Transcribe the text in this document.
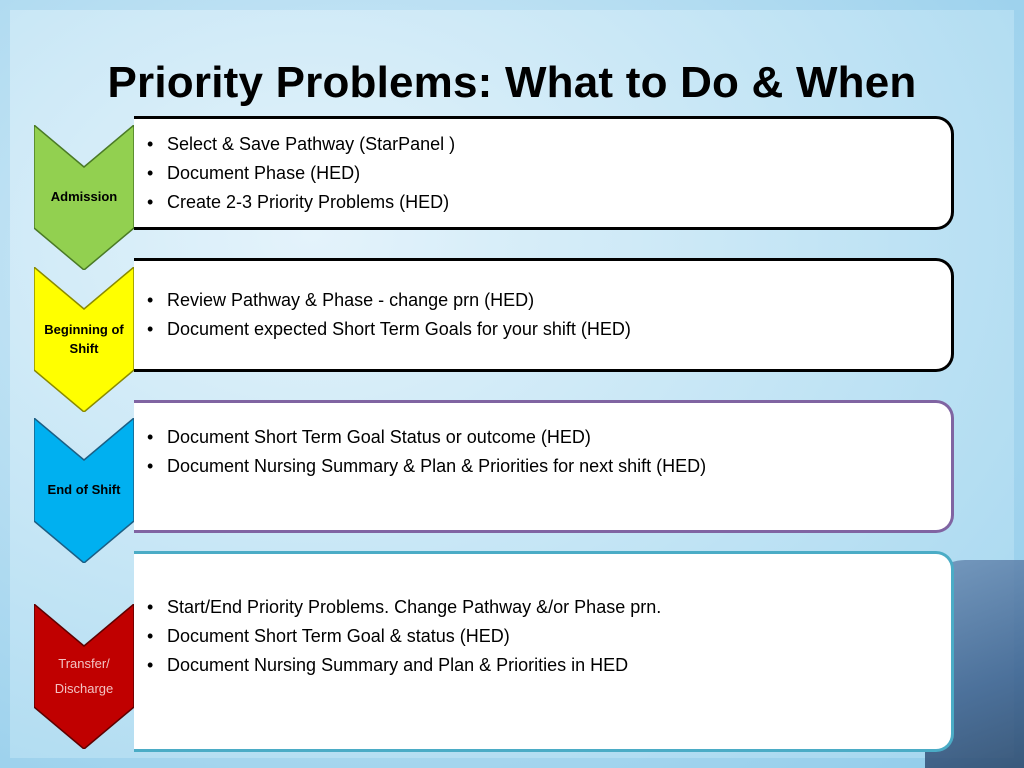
Priority Problems: What to Do & When
Admission
• Select & Save Pathway (StarPanel )
• Document Phase (HED)
• Create 2-3 Priority Problems (HED)
Beginning of Shift
• Review Pathway & Phase - change prn (HED)
• Document expected Short Term Goals for your shift (HED)
End of Shift
• Document Short Term Goal Status or outcome (HED)
• Document Nursing Summary & Plan & Priorities for next shift (HED)
Transfer/ Discharge
• Start/End Priority Problems. Change Pathway &/or Phase prn.
• Document Short Term Goal & status (HED)
• Document Nursing Summary and Plan & Priorities in HED
